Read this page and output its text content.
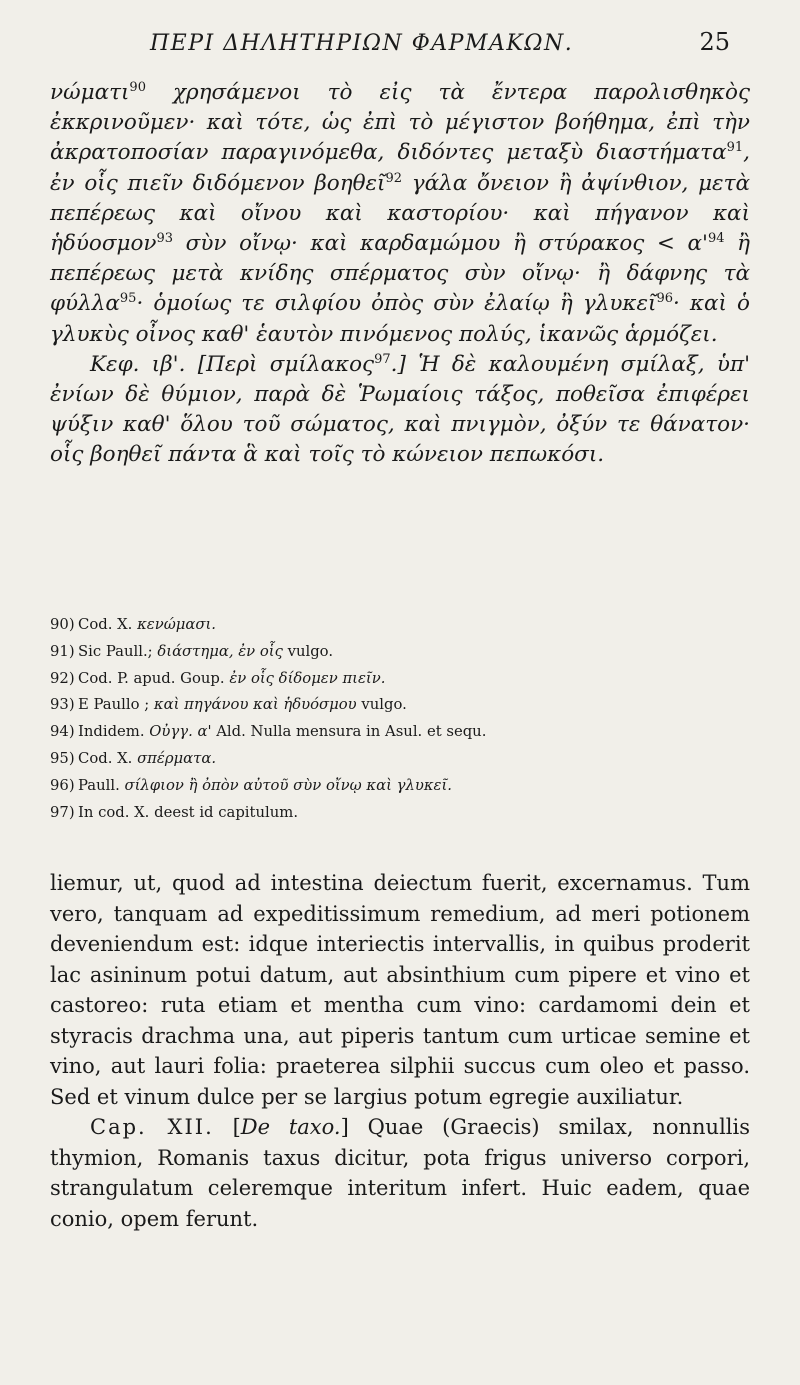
ΠΕΡΙ ΔΗΛΗΤΗΡΙΩΝ ΦΑΡΜΑΚΩΝ.	25

νώματι$^{90}$ χρησάμενοι τὸ εἰς τὰ ἔντερα παρολισθηκὸς ἐκκρινοῦμεν· καὶ τότε, ὡς ἐπὶ τὸ μέγιστον βοήθημα, ἐπὶ τὴν ἀκρατοποσίαν παραγινόμεθα, διδόντες μεταξὺ διαστήματα$^{91}$, ἐν οἷς πιεῖν διδόμενον βοηθεῖ$^{92}$ γάλα ὄνειον ἢ ἀψίνθιον, μετὰ πεπέρεως καὶ οἴνου καὶ καστορίου· καὶ πήγανον καὶ ἡδύοσμον$^{93}$ σὺν οἴνῳ· καὶ καρδαμώμου ἢ $\sigma\tau ύ\rho\alpha\kappa o\varsigma < \alpha'^{94}$ ἢ πεπέρεως μετὰ κνίδης σπέρματος σὺν οἴνῳ· ἢ δάφνης τὰ φύλλα$^{95}$· ὁμοίως τε σιλφίου ὀπὸς σὺν ἐλαίῳ ἢ γλυκεῖ$^{96}$· καὶ ὁ γλυκὺς οἶνος καθ' ἑαυτὸν πινόμενος πολύς, ἱκανῶς ἁρμόζει.

Κεφ. ιβ'. [Περὶ σμίλακος$^{97}$.] Ἡ δὲ καλουμένη σμίλαξ, ὑπ' ἐνίων δὲ θύμιον, παρὰ δὲ Ῥωμαίοις τάξος, ποθεῖσα ἐπιφέρει ψύξιν καθ' ὅλου τοῦ σώματος, καὶ πνιγμὸν, ὀξύν τε θάνατον· οἷς βοηθεῖ πάντα ἃ καὶ τοῖς τὸ κώνειον πεπωκόσι.

90) Cod. X. κενώμασι.
91) Sic Paull.; διάστημα, ἐν οἷς vulgo.
92) Cod. P. apud. Goup. ἐν οἷς δίδομεν πιεῖν.
93) E Paullo ; καὶ πηγάνου καὶ ἡδυόσμου vulgo.
94) Indidem. Οὐγγ. α' Ald. Nulla mensura in Asul. et sequ.
95) Cod. X. σπέρματα.
96) Paull. σίλφιον ἢ ὀπὸν αὐτοῦ σὺν οἴνῳ καὶ γλυκεῖ.
97) In cod. X. deest id capitulum.

liemur, ut, quod ad intestina deiectum fuerit, excernamus. Tum vero, tanquam ad expeditissimum remedium, ad meri potionem deveniendum est: idque interiectis intervallis, in quibus proderit lac asininum potui datum, aut absinthium cum pipere et vino et castoreo: ruta etiam et mentha cum vino: cardamomi dein et styracis drachma una, aut piperis tantum cum urticae semine et vino, aut lauri folia: praeterea silphii succus cum oleo et passo. Sed et vinum dulce per se largius potum egregie auxiliatur.

Cap. XII. [De taxo.] Quae (Graecis) smilax, nonnullis thymion, Romanis taxus dicitur, pota frigus universo corpori, strangulatum celeremque interitum infert. Huic eadem, quae conio, opem ferunt.
